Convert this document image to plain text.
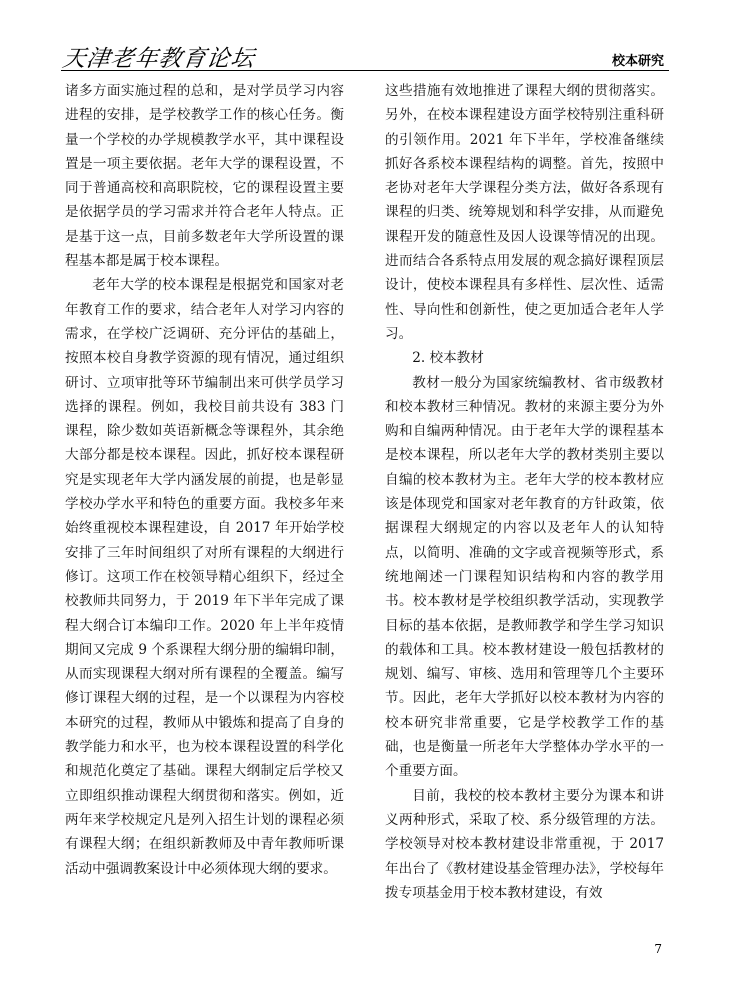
天津老年教育论坛	校本研究

诸多方面实施过程的总和，是对学员学习内容进程的安排，是学校教学工作的核心任务。衡量一个学校的办学规模教学水平，其中课程设置是一项主要依据。老年大学的课程设置，不同于普通高校和高职院校，它的课程设置主要是依据学员的学习需求并符合老年人特点。正是基于这一点，目前多数老年大学所设置的课程基本都是属于校本课程。

老年大学的校本课程是根据党和国家对老年教育工作的要求，结合老年人对学习内容的需求，在学校广泛调研、充分评估的基础上，按照本校自身教学资源的现有情况，通过组织研讨、立项审批等环节编制出来可供学员学习选择的课程。例如，我校目前共设有 383 门课程，除少数如英语新概念等课程外，其余绝大部分都是校本课程。因此，抓好校本课程研究是实现老年大学内涵发展的前提，也是彰显学校办学水平和特色的重要方面。我校多年来始终重视校本课程建设，自 2017 年开始学校安排了三年时间组织了对所有课程的大纲进行修订。这项工作在校领导精心组织下，经过全校教师共同努力，于 2019 年下半年完成了课程大纲合订本编印工作。2020 年上半年疫情期间又完成 9 个系课程大纲分册的编辑印制，从而实现课程大纲对所有课程的全覆盖。编写修订课程大纲的过程，是一个以课程为内容校本研究的过程，教师从中锻炼和提高了自身的教学能力和水平，也为校本课程设置的科学化和规范化奠定了基础。课程大纲制定后学校又立即组织推动课程大纲贯彻和落实。例如，近两年来学校规定凡是列入招生计划的课程必须有课程大纲；在组织新教师及中青年教师听课活动中强调教案设计中必须体现大纲的要求。

这些措施有效地推进了课程大纲的贯彻落实。另外，在校本课程建设方面学校特别注重科研的引领作用。2021 年下半年，学校准备继续抓好各系校本课程结构的调整。首先，按照中老协对老年大学课程分类方法，做好各系现有课程的归类、统筹规划和科学安排，从而避免课程开发的随意性及因人设课等情况的出现。进而结合各系特点用发展的观念搞好课程顶层设计，使校本课程具有多样性、层次性、适需性、导向性和创新性，使之更加适合老年人学习。

2. 校本教材

教材一般分为国家统编教材、省市级教材和校本教材三种情况。教材的来源主要分为外购和自编两种情况。由于老年大学的课程基本是校本课程，所以老年大学的教材类别主要以自编的校本教材为主。老年大学的校本教材应该是体现党和国家对老年教育的方针政策，依据课程大纲规定的内容以及老年人的认知特点，以简明、准确的文字或音视频等形式，系统地阐述一门课程知识结构和内容的教学用书。校本教材是学校组织教学活动，实现教学目标的基本依据，是教师教学和学生学习知识的载体和工具。校本教材建设一般包括教材的规划、编写、审核、选用和管理等几个主要环节。因此，老年大学抓好以校本教材为内容的校本研究非常重要，它是学校教学工作的基础，也是衡量一所老年大学整体办学水平的一个重要方面。

目前，我校的校本教材主要分为课本和讲义两种形式，采取了校、系分级管理的方法。学校领导对校本教材建设非常重视，于 2017 年出台了《教材建设基金管理办法》，学校每年拨专项基金用于校本教材建设，有效

7
